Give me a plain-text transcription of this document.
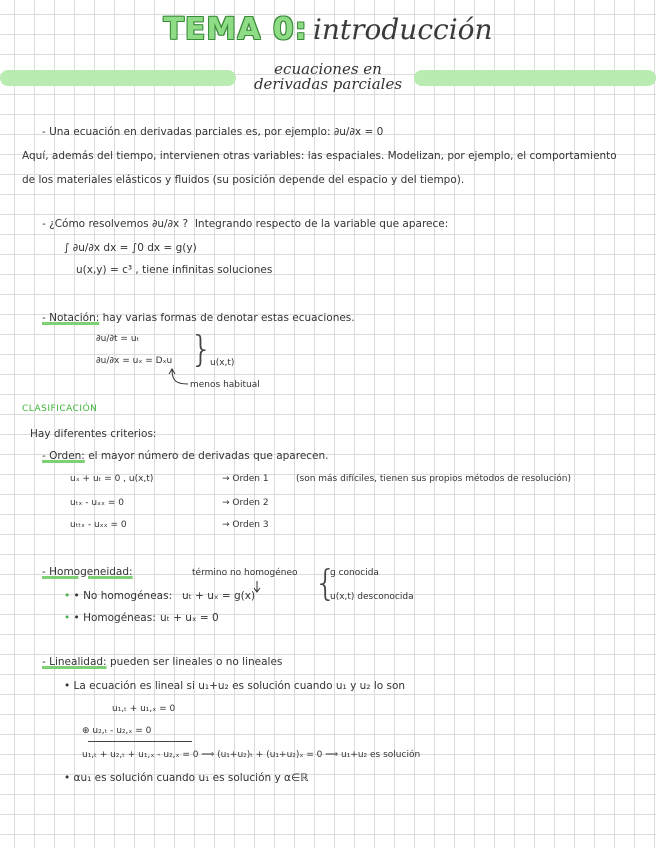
TEMA 0: introducción
ecuaciones en
derivadas parciales
- Una ecuación en derivadas parciales es, por ejemplo: ∂u/∂x = 0
Aquí, además del tiempo, intervienen otras variables: las espaciales. Modelizan, por ejemplo, el comportamiento
de los materiales elásticos y fluidos (su posición depende del espacio y del tiempo).
- ¿Cómo resolvemos ∂u/∂x ? Integrando respecto de la variable que aparece:
∫ ∂u/∂x dx = ∫0 dx = g(y)
u(x,y) = c³ , tiene infinitas soluciones
- Notación: hay varias formas de denotar estas ecuaciones.
∂u/∂t = uₜ
∂u/∂x = uₓ = Dₓu }
u(x,t)
menos habitual
CLASIFICACIÓN
Hay diferentes criterios:
- Orden: el mayor número de derivadas que aparecen.
uₓ + uₜ = 0 , u(x,t)	→ Orden 1	(son más difíciles, tienen sus propios métodos de resolución)
uₜₓ - uₓₓ = 0	→ Orden 2
uₜₜₓ - uₓₓ = 0	→ Orden 3
- Homogeneidad:	término no homogéneo
• • No homogéneas: uₜ + uₓ = g(x) {
g conocida
u(x,t) desconocida
• • Homogéneas: uₜ + uₓ = 0
- Linealidad: pueden ser lineales o no lineales
• La ecuación es lineal si u₁+u₂ es solución cuando u₁ y u₂ lo son
u₁,ₜ + u₁,ₓ = 0
⊕ u₂,ₜ - u₂,ₓ = 0
u₁,ₜ + u₂,ₜ + u₁,ₓ - u₂,ₓ = 0 ⟹ (u₁+u₂)ₜ + (u₁+u₂)ₓ = 0 ⟹ u₁+u₂ es solución
• αu₁ es solución cuando u₁ es solución y α∈ℝ
